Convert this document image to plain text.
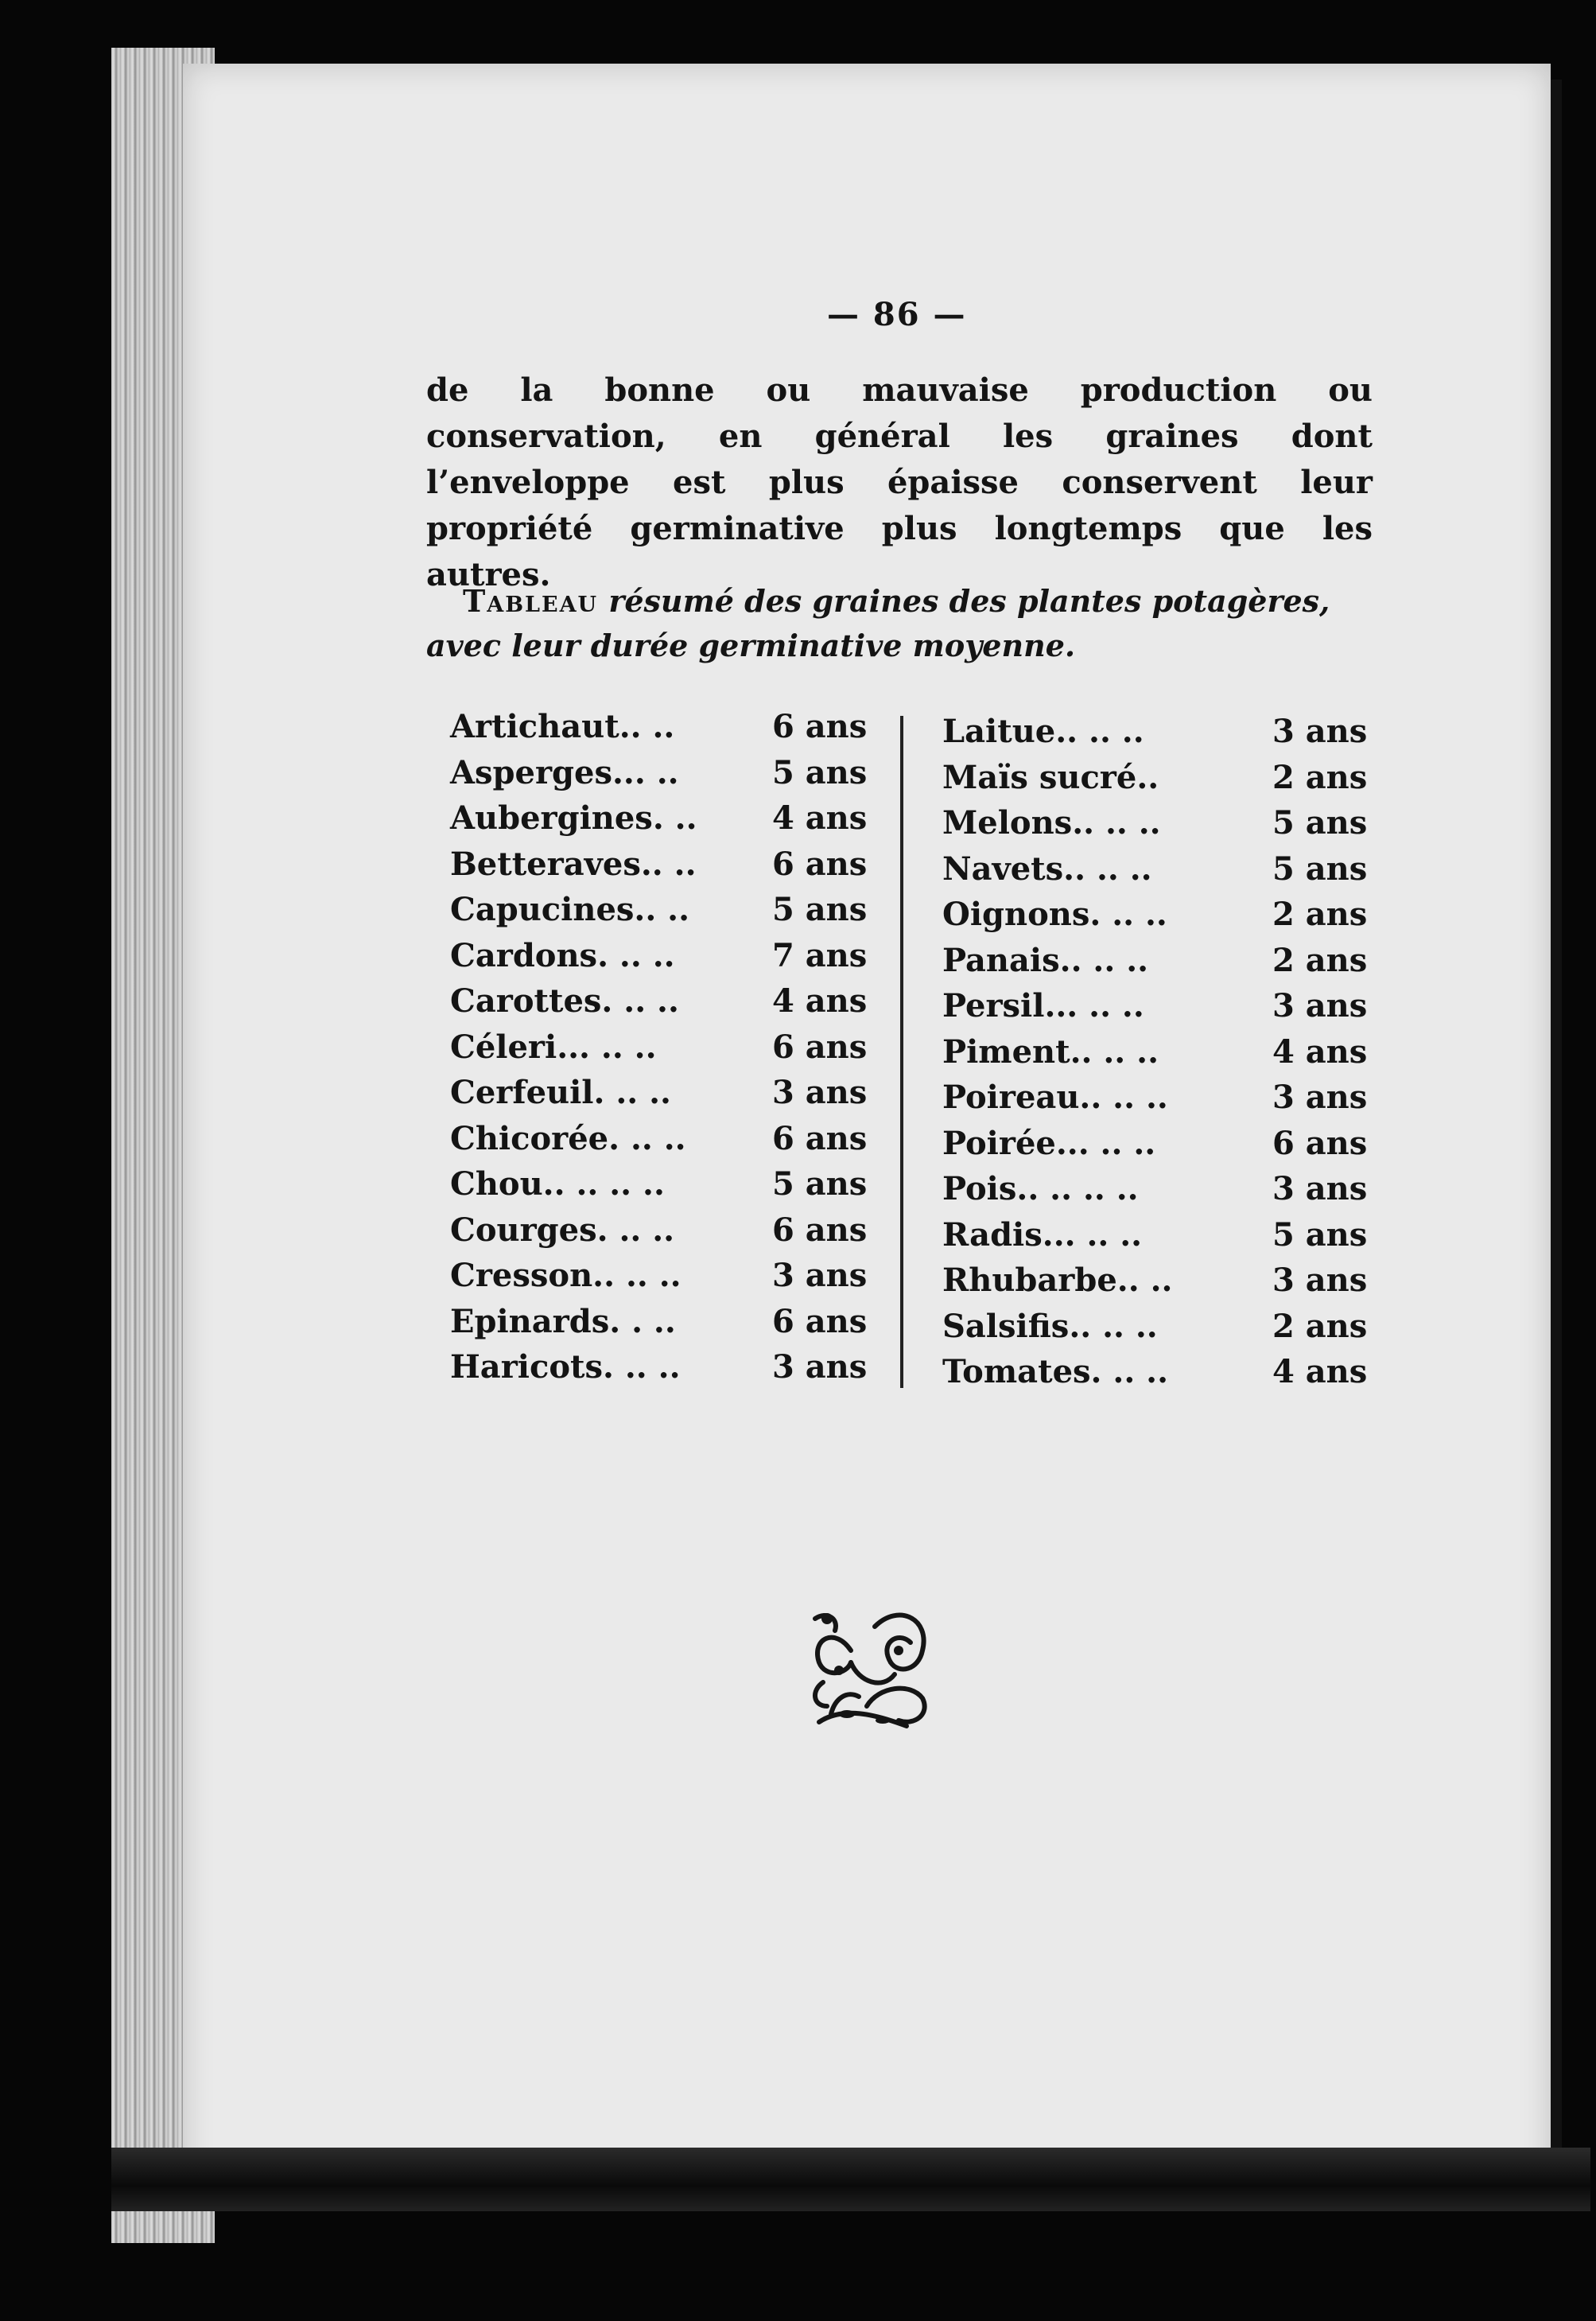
— 86 —

de la bonne ou mauvaise production ou conservation, en général les graines dont l’enveloppe est plus épaisse conservent leur propriété germinative plus longtemps que les autres.

Tableau résumé des graines des plantes potagères, avec leur durée germinative moyenne.

Artichaut.. ..	6 ans
Asperges... ..	5 ans
Aubergines. .. 4 ans
Betteraves.. .. 6 ans
Capucines.. ..	5 ans
Cardons. .. ..	7 ans
Carottes. .. ..	4 ans
Céleri... .. ..	6 ans
Cerfeuil. .. ..	3 ans
Chicorée. .. ..	6 ans
Chou.. .. .. ..	5 ans
Courges. .. ..	6 ans
Cresson.. .. ..	3 ans
Epinards. . ..	6 ans
Haricots. .. ..	3 ans
Laitue.. .. ..	3 ans
Maïs sucré..	2 ans
Melons.. .. ..	5 ans
Navets.. .. ..	5 ans
Oignons. .. ..	2 ans
Panais.. .. ..	2 ans
Persil... .. ..	3 ans
Piment.. .. ..	4 ans
Poireau.. .. ..	3 ans
Poirée... .. ..	6 ans
Pois.. .. .. ..	3 ans
Radis... .. ..	5 ans
Rhubarbe.. ..	3 ans
Salsifis.. .. ..	2 ans
Tomates. .. ..	4 ans
